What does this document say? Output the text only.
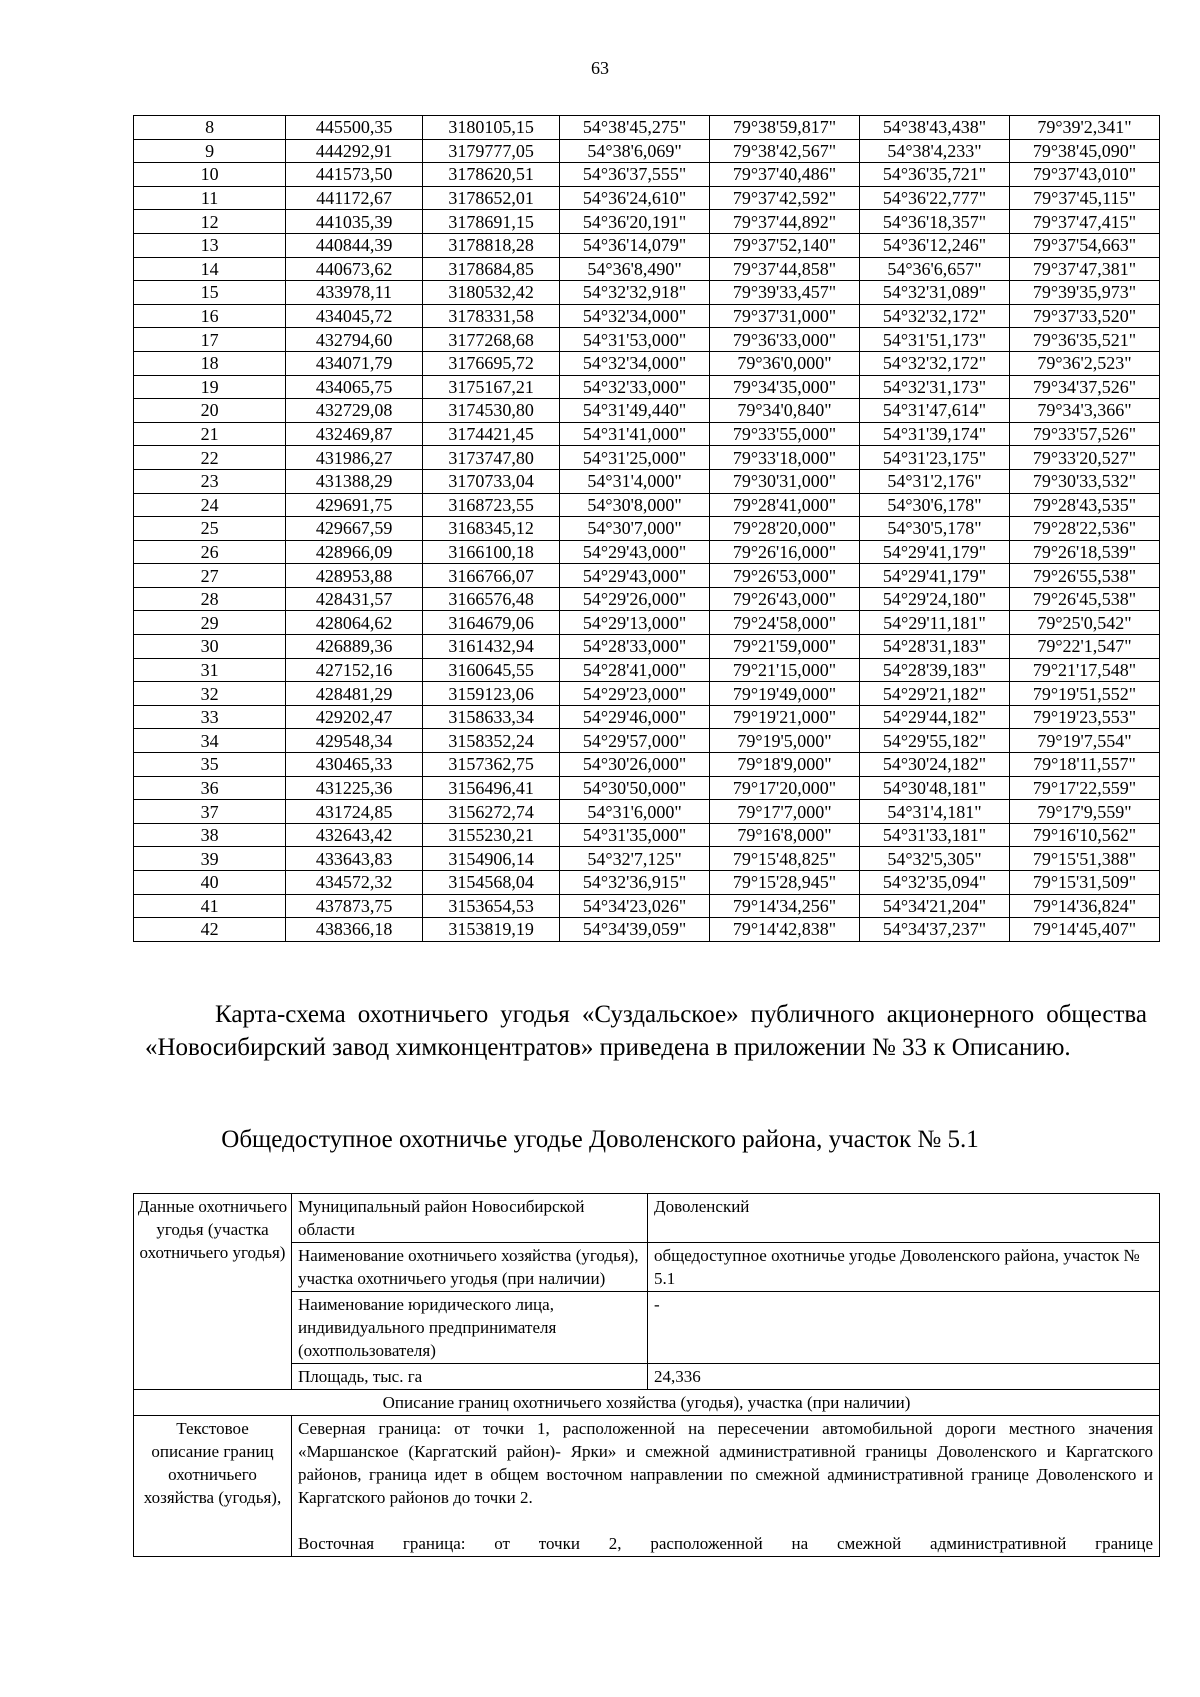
63
8	445500,35	3180105,15	54°38'45,275"	79°38'59,817"	54°38'43,438"	79°39'2,341"
9	444292,91	3179777,05	54°38'6,069"	79°38'42,567"	54°38'4,233"	79°38'45,090"
10	441573,50	3178620,51	54°36'37,555"	79°37'40,486"	54°36'35,721"	79°37'43,010"
11	441172,67	3178652,01	54°36'24,610"	79°37'42,592"	54°36'22,777"	79°37'45,115"
12	441035,39	3178691,15	54°36'20,191"	79°37'44,892"	54°36'18,357"	79°37'47,415"
13	440844,39	3178818,28	54°36'14,079"	79°37'52,140"	54°36'12,246"	79°37'54,663"
14	440673,62	3178684,85	54°36'8,490"	79°37'44,858"	54°36'6,657"	79°37'47,381"
15	433978,11	3180532,42	54°32'32,918"	79°39'33,457"	54°32'31,089"	79°39'35,973"
16	434045,72	3178331,58	54°32'34,000"	79°37'31,000"	54°32'32,172"	79°37'33,520"
17	432794,60	3177268,68	54°31'53,000"	79°36'33,000"	54°31'51,173"	79°36'35,521"
18	434071,79	3176695,72	54°32'34,000"	79°36'0,000"	54°32'32,172"	79°36'2,523"
19	434065,75	3175167,21	54°32'33,000"	79°34'35,000"	54°32'31,173"	79°34'37,526"
20	432729,08	3174530,80	54°31'49,440"	79°34'0,840"	54°31'47,614"	79°34'3,366"
21	432469,87	3174421,45	54°31'41,000"	79°33'55,000"	54°31'39,174"	79°33'57,526"
22	431986,27	3173747,80	54°31'25,000"	79°33'18,000"	54°31'23,175"	79°33'20,527"
23	431388,29	3170733,04	54°31'4,000"	79°30'31,000"	54°31'2,176"	79°30'33,532"
24	429691,75	3168723,55	54°30'8,000"	79°28'41,000"	54°30'6,178"	79°28'43,535"
25	429667,59	3168345,12	54°30'7,000"	79°28'20,000"	54°30'5,178"	79°28'22,536"
26	428966,09	3166100,18	54°29'43,000"	79°26'16,000"	54°29'41,179"	79°26'18,539"
27	428953,88	3166766,07	54°29'43,000"	79°26'53,000"	54°29'41,179"	79°26'55,538"
28	428431,57	3166576,48	54°29'26,000"	79°26'43,000"	54°29'24,180"	79°26'45,538"
29	428064,62	3164679,06	54°29'13,000"	79°24'58,000"	54°29'11,181"	79°25'0,542"
30	426889,36	3161432,94	54°28'33,000"	79°21'59,000"	54°28'31,183"	79°22'1,547"
31	427152,16	3160645,55	54°28'41,000"	79°21'15,000"	54°28'39,183"	79°21'17,548"
32	428481,29	3159123,06	54°29'23,000"	79°19'49,000"	54°29'21,182"	79°19'51,552"
33	429202,47	3158633,34	54°29'46,000"	79°19'21,000"	54°29'44,182"	79°19'23,553"
34	429548,34	3158352,24	54°29'57,000"	79°19'5,000"	54°29'55,182"	79°19'7,554"
35	430465,33	3157362,75	54°30'26,000"	79°18'9,000"	54°30'24,182"	79°18'11,557"
36	431225,36	3156496,41	54°30'50,000"	79°17'20,000"	54°30'48,181"	79°17'22,559"
37	431724,85	3156272,74	54°31'6,000"	79°17'7,000"	54°31'4,181"	79°17'9,559"
38	432643,42	3155230,21	54°31'35,000"	79°16'8,000"	54°31'33,181"	79°16'10,562"
39	433643,83	3154906,14	54°32'7,125"	79°15'48,825"	54°32'5,305"	79°15'51,388"
40	434572,32	3154568,04	54°32'36,915"	79°15'28,945"	54°32'35,094"	79°15'31,509"
41	437873,75	3153654,53	54°34'23,026"	79°14'34,256"	54°34'21,204"	79°14'36,824"
42	438366,18	3153819,19	54°34'39,059"	79°14'42,838"	54°34'37,237"	79°14'45,407"
Карта-схема охотничьего угодья «Суздальское» публичного акционерного общества «Новосибирский завод химконцентратов» приведена в приложении № 33 к Описанию.
Общедоступное охотничье угодье Доволенского района, участок № 5.1
Данные охотничьего угодья (участка охотничьего угодья)	Муниципальный район Новосибирской области	Доволенский
	Наименование охотничьего хозяйства (угодья), участка охотничьего угодья (при наличии)	общедоступное охотничье угодье Доволенского района, участок № 5.1
	Наименование юридического лица, индивидуального предпринимателя (охотпользователя)	-
	Площадь, тыс. га	24,336
Описание границ охотничьего хозяйства (угодья), участка (при наличии)		
Текстовое описание границ охотничьего хозяйства (угодья),	Северная граница: от точки 1, расположенной на пересечении автомобильной дороги местного значения «Маршанское (Каргатский район)- Ярки» и смежной административной границы Доволенского и Каргатского районов, граница идет в общем восточном направлении по смежной административной границе Доволенского и Каргатского районов до точки 2.

Восточная граница: от точки 2, расположенной на смежной административной границе	
